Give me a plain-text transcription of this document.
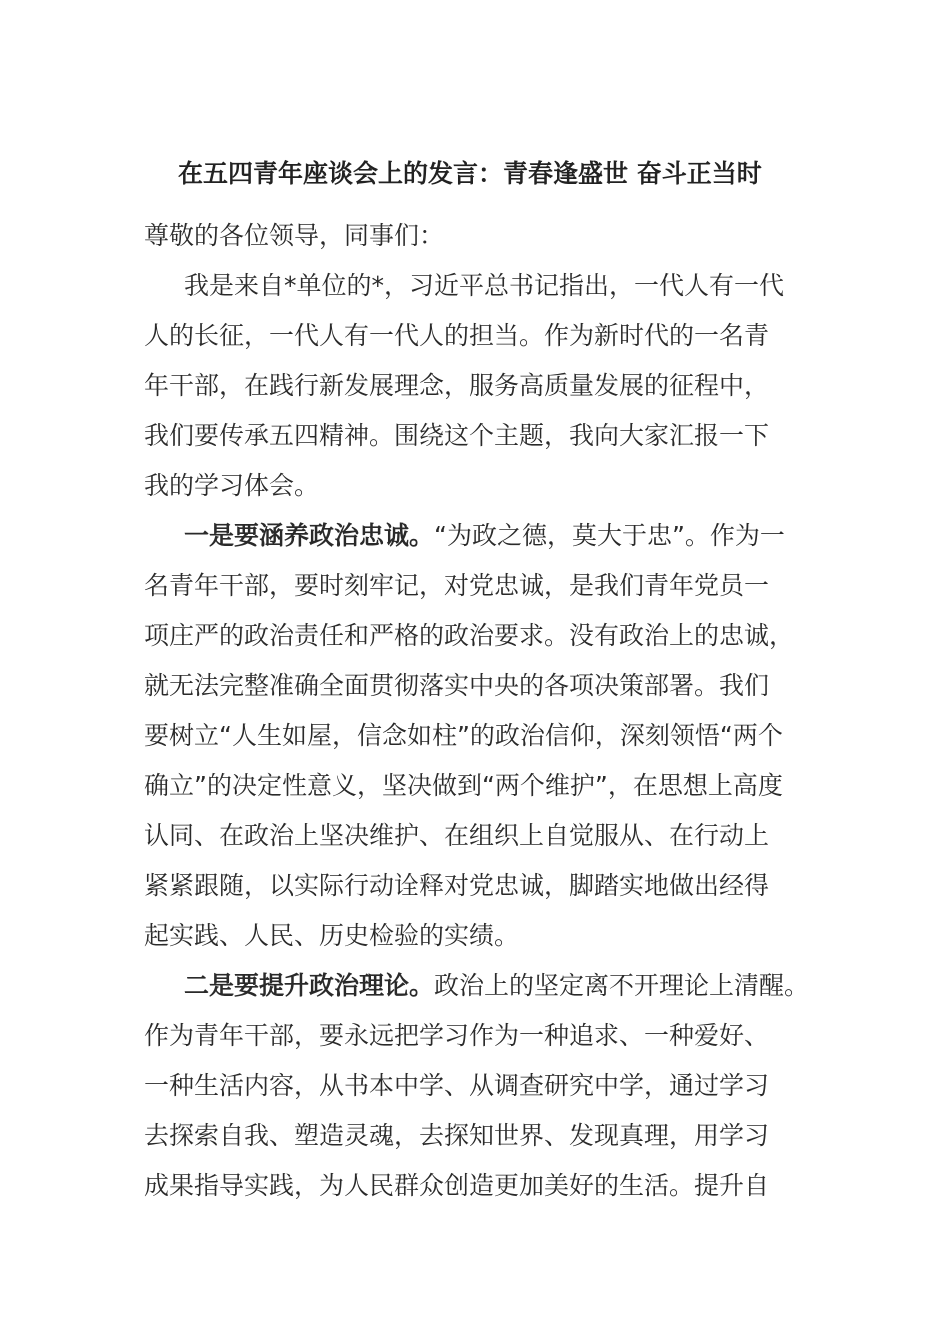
在五四青年座谈会上的发言：青春逢盛世 奋斗正当时
尊敬的各位领导，同事们：
我是来自*单位的*，习近平总书记指出，一代人有一代
人的长征，一代人有一代人的担当。作为新时代的一名青
年干部，在践行新发展理念，服务高质量发展的征程中，
我们要传承五四精神。围绕这个主题，我向大家汇报一下
我的学习体会。
一是要涵养政治忠诚。“为政之德，莫大于忠”。作为一
名青年干部，要时刻牢记，对党忠诚，是我们青年党员一
项庄严的政治责任和严格的政治要求。没有政治上的忠诚，
就无法完整准确全面贯彻落实中央的各项决策部署。我们
要树立“人生如屋，信念如柱”的政治信仰，深刻领悟“两个
确立”的决定性意义，坚决做到“两个维护”，在思想上高度
认同、在政治上坚决维护、在组织上自觉服从、在行动上
紧紧跟随，以实际行动诠释对党忠诚，脚踏实地做出经得
起实践、人民、历史检验的实绩。
二是要提升政治理论。政治上的坚定离不开理论上清醒。
作为青年干部，要永远把学习作为一种追求、一种爱好、
一种生活内容，从书本中学、从调查研究中学，通过学习
去探索自我、塑造灵魂，去探知世界、发现真理，用学习
成果指导实践，为人民群众创造更加美好的生活。提升自
